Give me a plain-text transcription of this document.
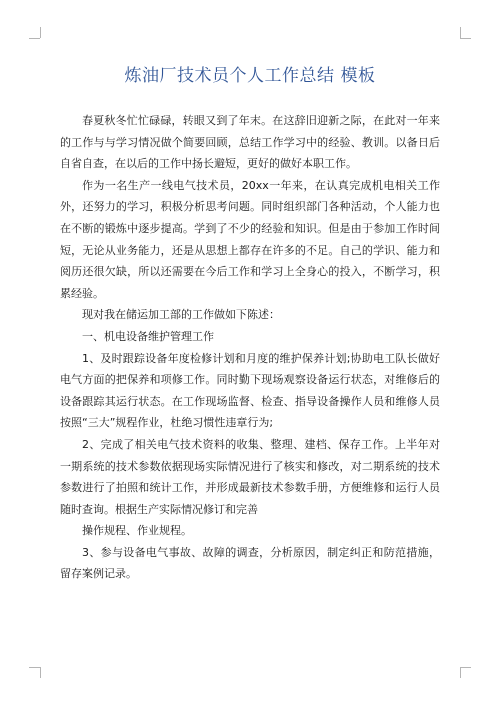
炼油厂技术员个人工作总结 模板

春夏秋冬忙忙碌碌，转眼又到了年末。在这辞旧迎新之际，在此对一年来的工作与与学习情况做个简要回顾，总结工作学习中的经验、教训。以备日后自省自查，在以后的工作中扬长避短，更好的做好本职工作。

作为一名生产一线电气技术员，20xx一年来，在认真完成机电相关工作外，还努力的学习，积极分析思考问题。同时组织部门各种活动，个人能力也在不断的锻炼中逐步提高。学到了不少的经验和知识。但是由于参加工作时间短，无论从业务能力，还是从思想上都存在许多的不足。自己的学识、能力和阅历还很欠缺，所以还需要在今后工作和学习上全身心的投入，不断学习，积累经验。

现对我在储运加工部的工作做如下陈述：

一、机电设备维护管理工作

1、及时跟踪设备年度检修计划和月度的维护保养计划;协助电工队长做好电气方面的把保养和项修工作。同时勤下现场观察设备运行状态，对维修后的设备跟踪其运行状态。在工作现场监督、检查、指导设备操作人员和维修人员按照“三大”规程作业，杜绝习惯性违章行为;

2、完成了相关电气技术资料的收集、整理、建档、保存工作。上半年对一期系统的技术参数依据现场实际情况进行了核实和修改，对二期系统的技术参数进行了拍照和统计工作，并形成最新技术参数手册，方便维修和运行人员随时查询。根据生产实际情况修订和完善

操作规程、作业规程。

3、参与设备电气事故、故障的调查，分析原因，制定纠正和防范措施，留存案例记录。
